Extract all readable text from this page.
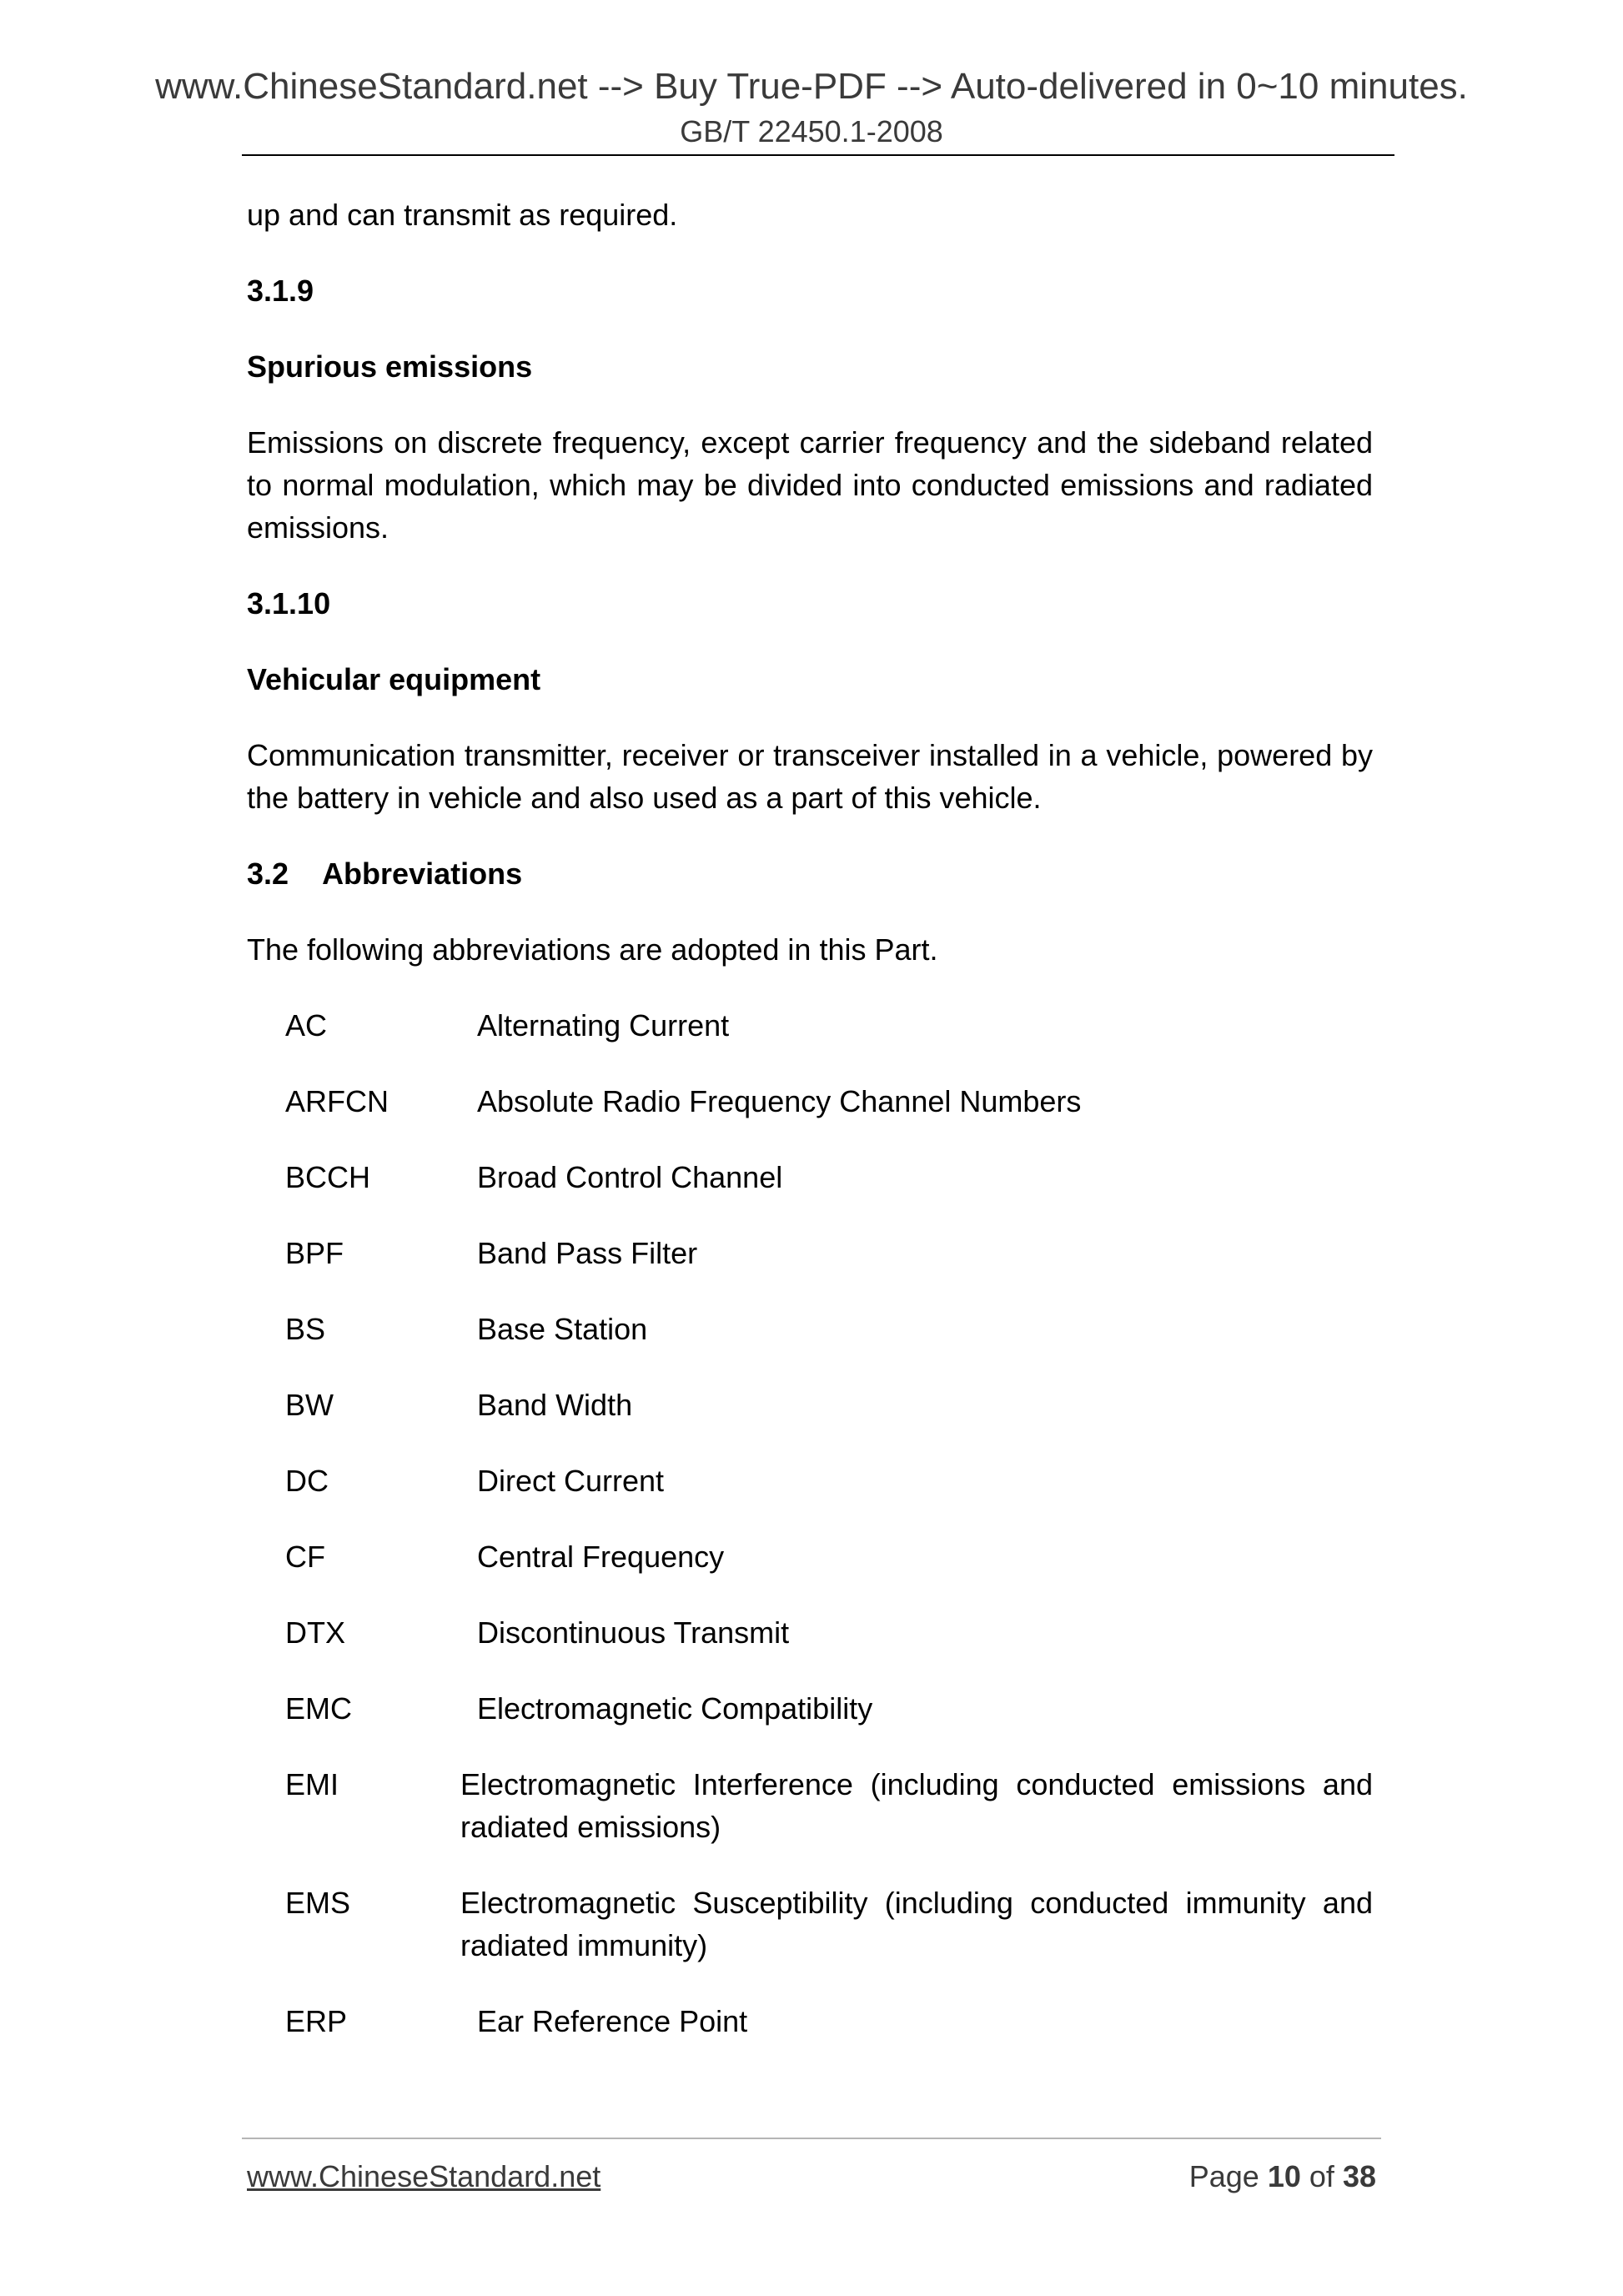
www.ChineseStandard.net --> Buy True-PDF --> Auto-delivered in 0~10 minutes.
GB/T 22450.1-2008

up and can transmit as required.

3.1.9

Spurious emissions

Emissions on discrete frequency, except carrier frequency and the sideband related to normal modulation, which may be divided into conducted emissions and radiated emissions.

3.1.10

Vehicular equipment

Communication transmitter, receiver or transceiver installed in a vehicle, powered by the battery in vehicle and also used as a part of this vehicle.

3.2 Abbreviations

The following abbreviations are adopted in this Part.

AC	Alternating Current
ARFCN	Absolute Radio Frequency Channel Numbers
BCCH	Broad Control Channel
BPF	Band Pass Filter
BS	Base Station
BW	Band Width
DC	Direct Current
CF	Central Frequency
DTX	Discontinuous Transmit
EMC	Electromagnetic Compatibility
EMI	Electromagnetic Interference (including conducted emissions and radiated emissions)
EMS	Electromagnetic Susceptibility (including conducted immunity and radiated immunity)
ERP	Ear Reference Point
www.ChineseStandard.net	Page 10 of 38
